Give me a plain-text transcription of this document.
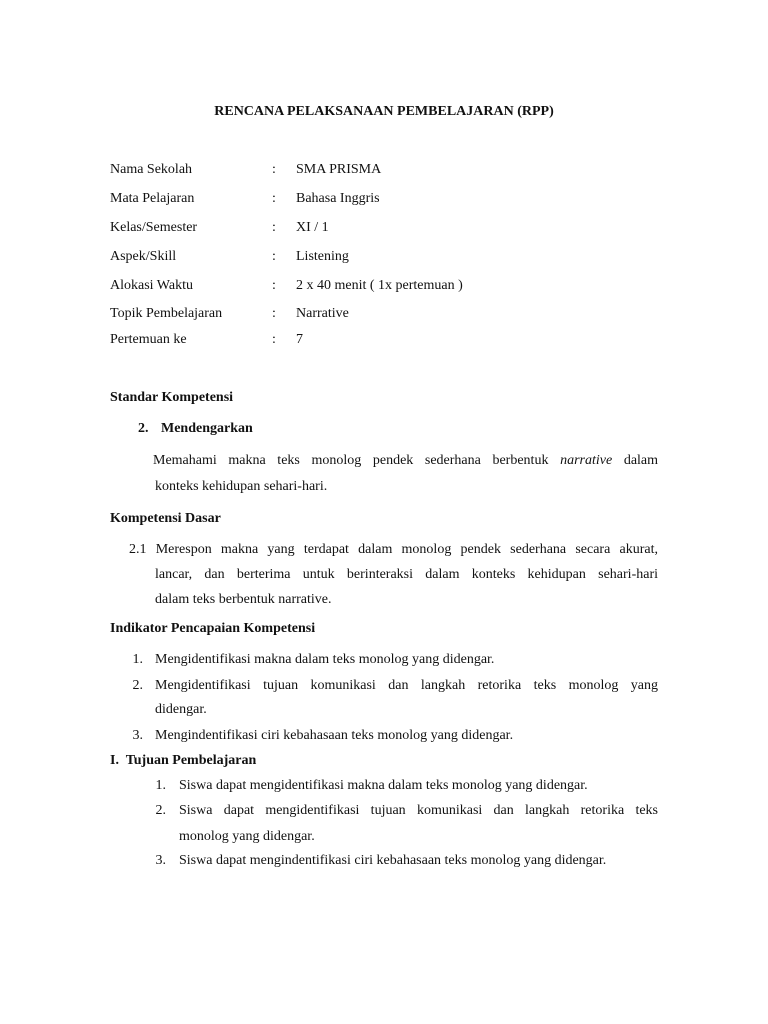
RENCANA PELAKSANAAN PEMBELAJARAN (RPP)
Nama Sekolah	: SMA PRISMA
Mata Pelajaran	: Bahasa Inggris
Kelas/Semester	: XI / 1
Aspek/Skill	: Listening
Alokasi Waktu	: 2 x 40 menit ( 1x pertemuan )
Topik Pembelajaran	: Narrative
Pertemuan ke	: 7
Standar Kompetensi
2. Mendengarkan
Memahami makna teks monolog pendek sederhana berbentuk narrative dalam
konteks kehidupan sehari-hari.
Kompetensi Dasar
2.1 Merespon makna yang terdapat dalam monolog pendek sederhana secara akurat,
lancar, dan berterima untuk berinteraksi dalam konteks kehidupan sehari-hari
dalam teks berbentuk narrative.
Indikator Pencapaian Kompetensi
1. Mengidentifikasi makna dalam teks monolog yang didengar.
2. Mengidentifikasi tujuan komunikasi dan langkah retorika teks monolog yang
didengar.
3. Mengindentifikasi ciri kebahasaan teks monolog yang didengar.
I.  Tujuan Pembelajaran
1. Siswa dapat mengidentifikasi makna dalam teks monolog yang didengar.
2. Siswa dapat mengidentifikasi tujuan komunikasi dan langkah retorika teks
monolog yang didengar.
3. Siswa dapat mengindentifikasi ciri kebahasaan teks monolog yang didengar.
